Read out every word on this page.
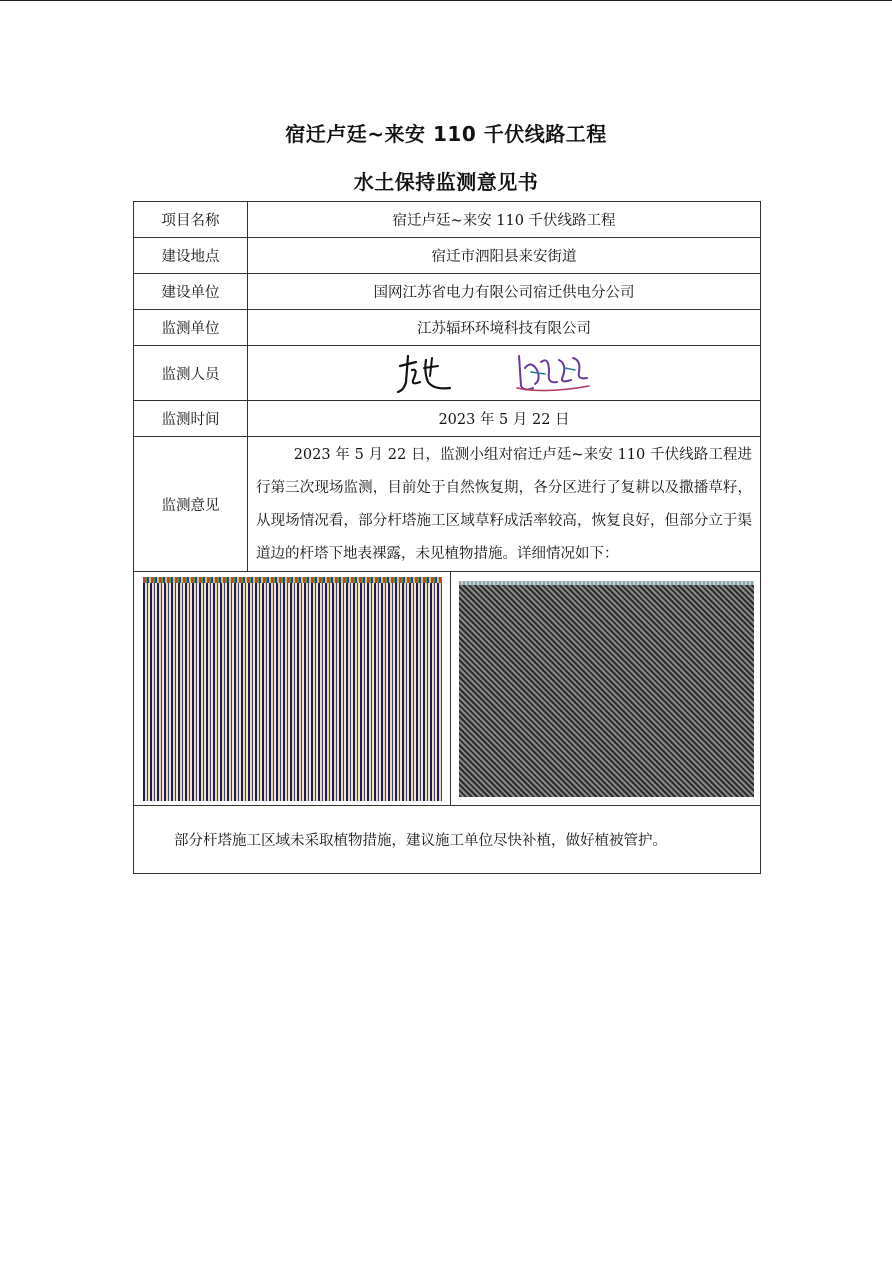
宿迁卢廷~来安 110 千伏线路工程
水土保持监测意见书
项目名称	宿迁卢廷~来安 110 千伏线路工程	
建设地点	宿迁市泗阳县来安街道	
建设单位	国网江苏省电力有限公司宿迁供电分公司	
监测单位	江苏辐环环境科技有限公司	
监测人员	

监测时间	2023 年 5 月 22 日	
监测意见	2023 年 5 月 22 日，监测小组对宿迁卢廷~来安 110 千伏线路工程进行第三次现场监测，目前处于自然恢复期，各分区进行了复耕以及撒播草籽，从现场情况看，部分杆塔施工区域草籽成活率较高，恢复良好，但部分立于渠道边的杆塔下地表裸露，未见植物措施。详细情况如下：	

部分杆塔施工区域未采取植物措施，建议施工单位尽快补植，做好植被管护。		
